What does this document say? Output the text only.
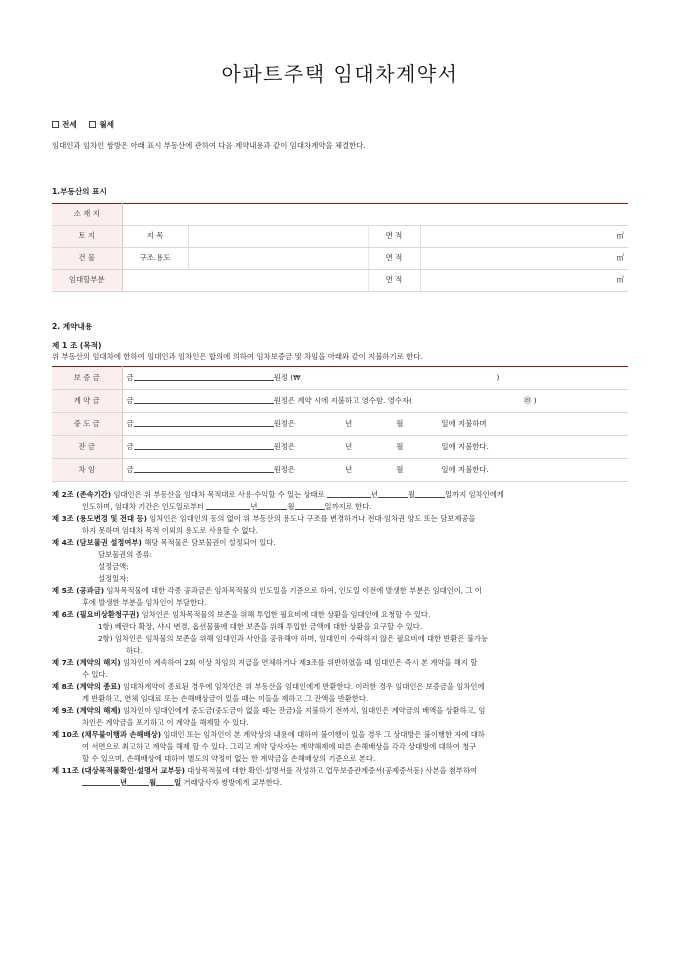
아파트주택 임대차계약서
전세	월세
임대인과 임차인 쌍방은 아래 표시 부동산에 관하여 다음 계약내용과 같이 임대차계약을 체결한다.
1.부동산의 표시
소 재 지				
토 지	지 목		면 적	㎡
건 물	구조.용도		면 적	㎡
임대할부분			면 적	㎡
2. 계약내용
제 1 조 (목적)
위 부동산의 임대차에 한하여 임대인과 임차인은 합의에 의하여 임차보증금 및 차임을 아래와 같이 지불하기로 한다.
보 증 금	금 원정 (₩ )
계 약 금	금 원정은 계약 시에 지불하고 영수함. 영수자( ㊞ )
중 도 금	금 원정은 년 월 일에 지불하며
잔 금	금 원정은 년 월 일에 지불한다.
차 임	금 원정은 년 월 일에 지불한다.

제 2조 (존속기간) 임대인은 위 부동산을 임대차 목적대로 사용·수익할 수 있는 상태로	년	월	일까지 임차인에게

인도하며, 임대차 기간은 인도일로부터	년	월	일까지로 한다.

제 3조 (용도변경 및 전대 등) 임차인은 임대인의 동의 없이 위 부동산의 용도나 구조를 변경하거나 전대·임차권 양도 또는 담보제공을

하지 못하며 임대차 목적 이외의 용도로 사용할 수 없다.

제 4조 (담보물권 설정여부) 해당 목적물은 담보물권이 설정되어 있다.

담보물권의 종류:

설정금액:

설정일자:

제 5조 (공과금) 임차목적물에 대한 각종 공과금은 임차목적물의 인도일을 기준으로 하여, 인도일 이전에 발생한 부분은 임대인이, 그 이

후에 발생한 부분을 임차인이 부담한다.

제 6조 (필요비상환청구권) 임차인은 임차목적물의 보존을 위해 투입한 필요비에 대한 상환을 임대인에 요청할 수 있다.

1항) 베란다 확장, 샤시 변경, 옵션물품에 대한 보존을 위해 투입한 금액에 대한 상환을 요구할 수 있다.

2항) 임차인은 임차물의 보존을 위해 임대인과 사안을 공유해야 하며, 임대인이 수락하지 않은 필요비에 대한 반환은 불가능

하다.

제 7조 (계약의 해지) 임차인이 계속하여 2회 이상 차임의 지급을 연체하거나 제3조를 위반하였을 때 임대인은 즉시 본 계약을 해지 할

수 있다.

제 8조 (계약의 종료) 임대차계약이 종료된 경우에 임차인은 위 부동산을 임대인에게 반환한다. 이러한 경우 임대인은 보증금을 임차인에

게 반환하고, 연체 임대료 또는 손해배상금이 있을 때는 이들을 제하고 그 잔액을 반환한다.

제 9조 (계약의 해제) 임차인이 임대인에게 중도금(중도금이 없을 때는 잔금)을 지불하기 전까지, 임대인은 계약금의 배액을 상환하고, 임

차인은 계약금을 포기하고 이 계약을 해제할 수 있다.

제 10조 (채무불이행과 손해배상) 임대인 또는 임차인이 본 계약상의 내용에 대하여 불이행이 있을 경우 그 상대방은 불이행한 자에 대하

여 서면으로 최고하고 계약을 해제 할 수 있다. 그리고 계약 당사자는 계약해제에 따른 손해배상을 각각 상대방에 대하여 청구

할 수 있으며, 손해배상에 대하여 별도의 약정이 없는 한 계약금을 손해배상의 기준으로 본다.

제 11조 (대상목적물확인·설명서 교부등) 대상목적물에 대한 확인·설명서를 작성하고 업무보증관계증서(공제증서등) 사본을 첨부하여

년	월 일 거래당사자 쌍방에게 교부한다.
